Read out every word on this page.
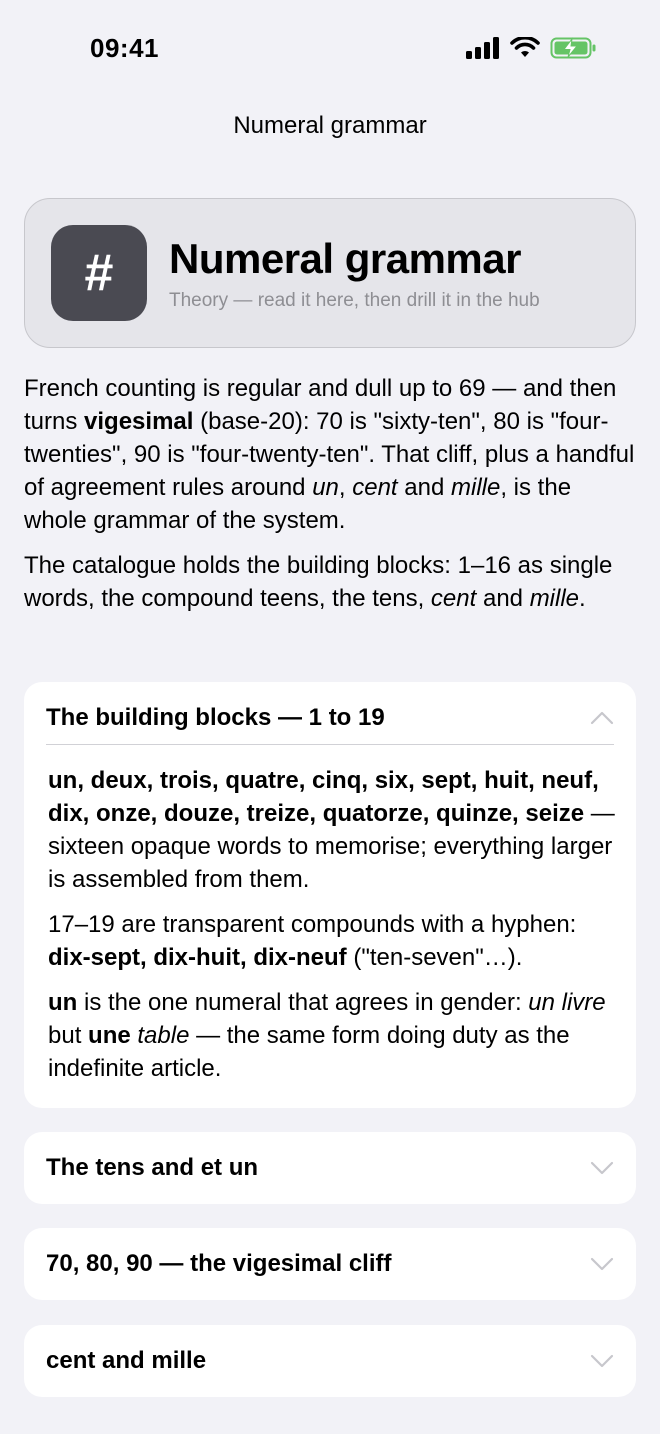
09:41
Numeral grammar
#	Numeral grammar
Theory — read it here, then drill it in the hub

French counting is regular and dull up to 69 — and then turns vigesimal (base-20): 70 is "sixty-ten", 80 is "four-twenties", 90 is "four-twenty-ten". That cliff, plus a handful of agreement rules around un, cent and mille, is the whole grammar of the system.

The catalogue holds the building blocks: 1–16 as single words, the compound teens, the tens, cent and mille.

The building blocks — 1 to 19

un, deux, trois, quatre, cinq, six, sept, huit, neuf, dix, onze, douze, treize, quatorze, quinze, seize — sixteen opaque words to memorise; everything larger is assembled from them.

17–19 are transparent compounds with a hyphen: dix-sept, dix-huit, dix-neuf ("ten-seven"…).

un is the one numeral that agrees in gender: un livre but une table — the same form doing duty as the indefinite article.

The tens and et un
70, 80, 90 — the vigesimal cliff
cent and mille
